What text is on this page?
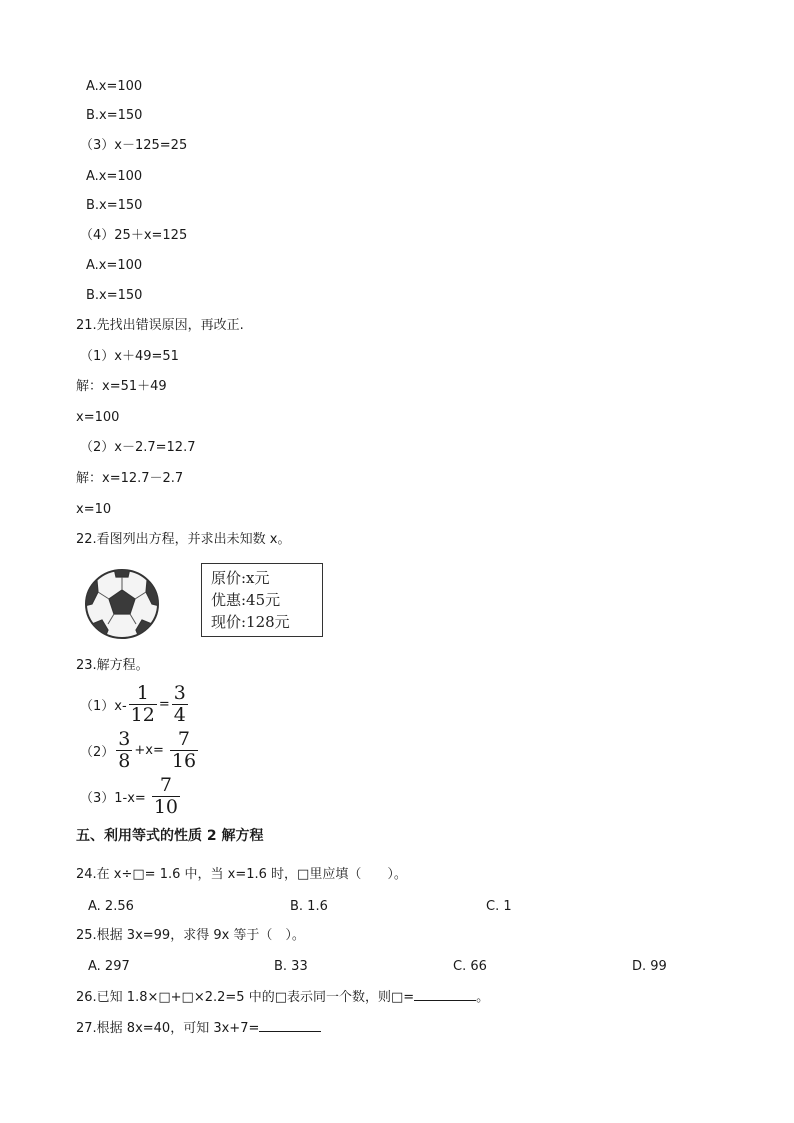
A.x=100
B.x=150
（3）x－125=25
A.x=100
B.x=150
（4）25＋x=125
A.x=100
B.x=150
21.先找出错误原因，再改正.
（1）x＋49=51
解：x=51＋49
x=100
（2）x－2.7=12.7
解：x=12.7－2.7
x=10
22.看图列出方程，并求出未知数 x。
原价:x元
优惠:45元
现价:128元
23.解方程。
$(1)x- \frac{1}{12} = \frac{3}{4}$
$(2) \frac{3}{8} +x= \frac{7}{16}$
$(3)1-x= \frac{7}{10}$
五、利用等式的性质 2 解方程
24.在 x÷□= 1.6 中，当 x=1.6 时，□里应填（　　）。
A. 2.56	B. 1.6	C. 1
25.根据 3x=99，求得 9x 等于（　）。
A. 297	B. 33	C. 66	D. 99
26.已知 1.8×□+□×2.2=5 中的□表示同一个数，则□=	。
27.根据 8x=40，可知 3x+7=
